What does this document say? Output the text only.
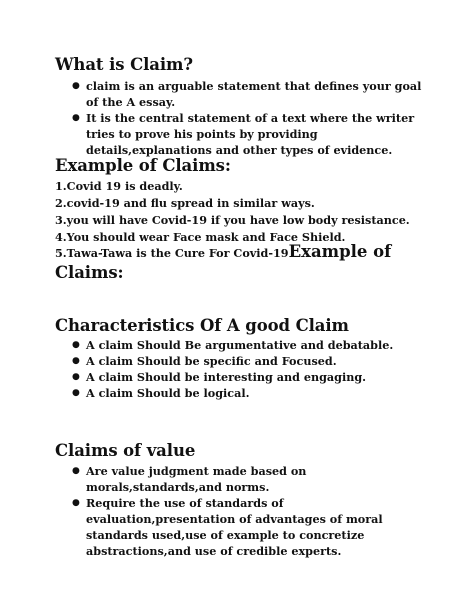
What is Claim?
● claim is an arguable statement that defines your goal
of the A essay.
● It is the central statement of a text where the writer
tries to prove his points by providing
details,explanations and other types of evidence.
Example of Claims:
1.Covid 19 is deadly.
2.covid-19 and flu spread in similar ways.
3.you will have Covid-19 if you have low body resistance.
4.You should wear Face mask and Face Shield.
5.Tawa-Tawa is the Cure For Covid-19Example of
Claims:
Characteristics Of A good Claim
● A claim Should Be argumentative and debatable.
● A claim Should be specific and Focused.
● A claim Should be interesting and engaging.
● A claim Should be logical.
Claims of value
● Are value judgment made based on
morals,standards,and norms.
● Require the use of standards of
evaluation,presentation of advantages of moral
standards used,use of example to concretize
abstractions,and use of credible experts.
